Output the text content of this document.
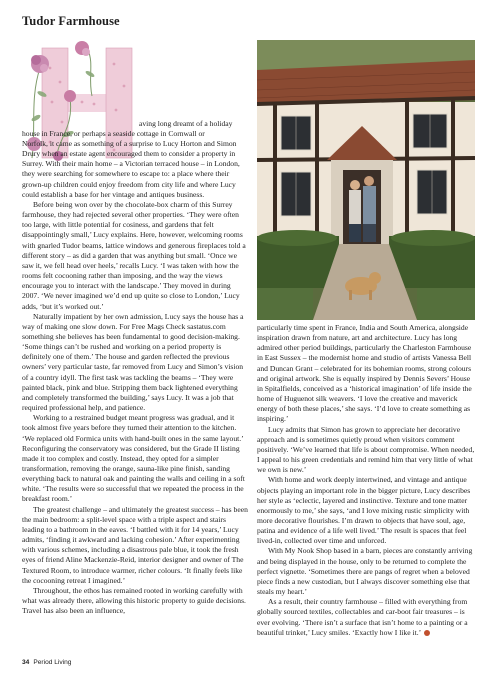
Tudor Farmhouse
aving long dreamt of a holiday
house in France, or perhaps a seaside cottage in Cornwall or

Norfolk, it came as something of a surprise to Lucy Horton and Simon Drury when an estate agent encouraged them to consider a property in Surrey. With their main home – a Victorian terraced house – in London, they were searching for somewhere to escape to: a place where their grown-up children could enjoy freedom from city life and where Lucy could establish a base for her vintage and antiques business.

Before being won over by the chocolate-box charm of this Surrey farmhouse, they had rejected several other properties. ‘They were often too large, with little potential for cosiness, and gardens that felt disappointingly small,’ Lucy explains. Here, however, welcoming rooms with gnarled Tudor beams, lattice windows and generous fireplaces told a different story – as did a garden that was anything but small. ‘Once we saw it, we fell head over heels,’ recalls Lucy. ‘I was taken with how the rooms felt cocooning rather than imposing, and the way the views encourage you to interact with the landscape.’ They moved in during 2007. ‘We never imagined we’d end up quite so close to London,’ Lucy adds, ‘but it’s worked out.’

Naturally impatient by her own admission, Lucy says the house has a way of making one slow down. For Free Mags Check sastatus.com something she believes has been fundamental to good decision-making. ‘Some things can’t be rushed and working on a period property is definitely one of them.’ The house and garden reflected the previous owners’ very particular taste, far removed from Lucy and Simon’s vision of a country idyll. The first task was tackling the beams – ‘They were painted black, pink and blue. Stripping them back lightened everything and completely transformed the building,’ says Lucy. It was a job that required professional help, and patience.

Working to a restrained budget meant progress was gradual, and it took almost five years before they turned their attention to the kitchen. ‘We replaced old Formica units with hand-built ones in the same layout.’ Reconfiguring the conservatory was considered, but the Grade II listing made it too complex and costly. Instead, they opted for a simpler transformation, removing the orange, sauna-like pine finish, sanding everything back to natural oak and painting the walls and ceiling in a soft white. ‘The results were so successful that we repeated the process in the breakfast room.’

The greatest challenge – and ultimately the greatest success – has been the main bedroom: a split-level space with a triple aspect and stairs leading to a bathroom in the eaves. ‘I battled with it for 14 years,’ Lucy admits, ‘finding it awkward and lacking cohesion.’ After experimenting with various schemes, including a disastrous pale blue, it took the fresh eyes of friend Aline Mackenzie-Reid, interior designer and owner of The Textured Room, to introduce warmer, richer colours. ‘It finally feels like the cocooning retreat I imagined.’

Throughout, the ethos has remained rooted in working carefully with what was already there, allowing this historic property to guide decisions. Travel has also been an influence,

particularly time spent in France, India and South America, alongside inspiration drawn from nature, art and architecture. Lucy has long admired other period buildings, particularly the Charleston Farmhouse in East Sussex – the modernist home and studio of artists Vanessa Bell and Duncan Grant – celebrated for its bohemian rooms, strong colours and original artwork. She is equally inspired by Dennis Severs’ House in Spitalfields, conceived as a ‘historical imagination’ of life inside the home of Huguenot silk weavers. ‘I love the creative and maverick energy of both these places,’ she says. ‘I’d love to create something as inspiring.’

Lucy admits that Simon has grown to appreciate her decorative approach and is sometimes quietly proud when visitors comment positively. ‘We’ve learned that life is about compromise. When needed, I appeal to his green credentials and remind him that very little of what we own is new.’

With home and work deeply intertwined, and vintage and antique objects playing an important role in the bigger picture, Lucy describes her style as ‘eclectic, layered and instinctive. Texture and tone matter enormously to me,’ she says, ‘and I love mixing rustic simplicity with more decorative flourishes. I’m drawn to objects that have soul, age, patina and evidence of a life well lived.’ The result is spaces that feel lived-in, collected over time and unforced.

With My Nook Shop based in a barn, pieces are constantly arriving and being displayed in the house, only to be returned to complete the perfect vignette. ‘Sometimes there are pangs of regret when a beloved piece finds a new custodian, but I always discover something else that steals my heart.’

As a result, their country farmhouse – filled with everything from globally sourced textiles, collectables and car-boot fair treasures – is ever evolving. ‘There isn’t a surface that isn’t home to a painting or a beautiful trinket,’ Lucy smiles. ‘Exactly how I like it.’

34 Period Living
